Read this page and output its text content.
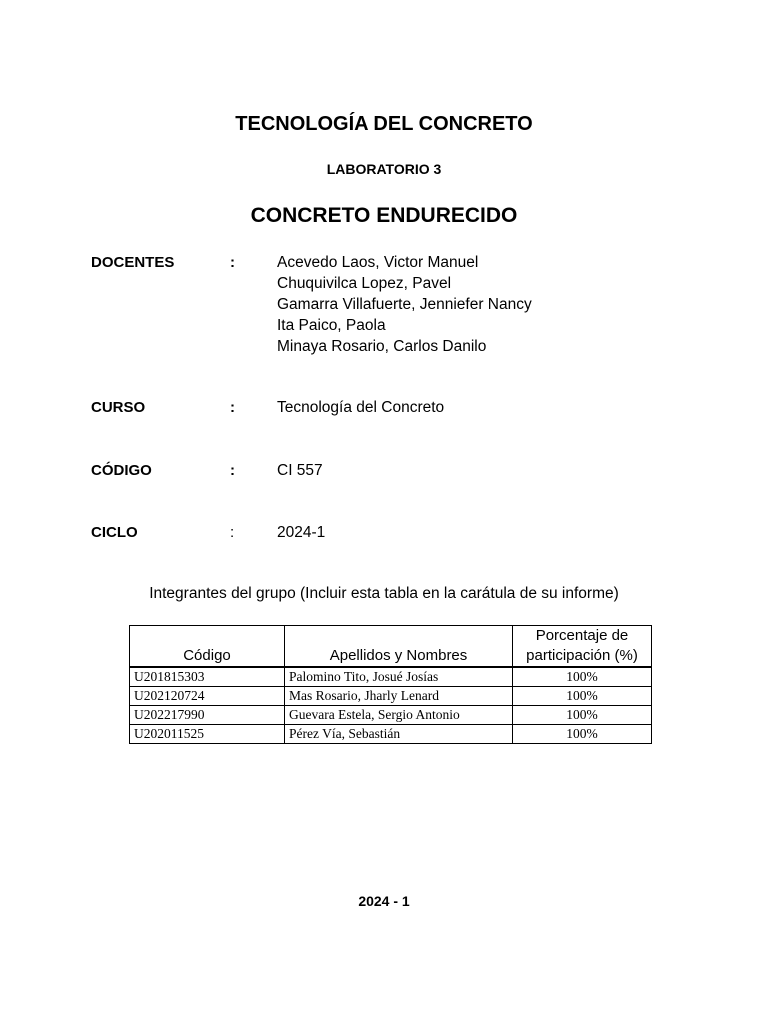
TECNOLOGÍA DEL CONCRETO
LABORATORIO 3
CONCRETO ENDURECIDO
DOCENTES	:	Acevedo Laos, Victor Manuel
Chuquivilca Lopez, Pavel
Gamarra Villafuerte, Jenniefer Nancy
Ita Paico, Paola
Minaya Rosario, Carlos Danilo
CURSO	:	Tecnología del Concreto
CÓDIGO	:	CI 557
CICLO	:	2024-1
Integrantes del grupo (Incluir esta tabla en la carátula de su informe)
Código	Apellidos y Nombres	Porcentaje de
participación (%)

U201815303	Palomino Tito, Josué Josías	100%
U202120724	Mas Rosario, Jharly Lenard	100%
U202217990	Guevara Estela, Sergio Antonio	100%
U202011525	Pérez Vía, Sebastián	100%
2024 - 1
